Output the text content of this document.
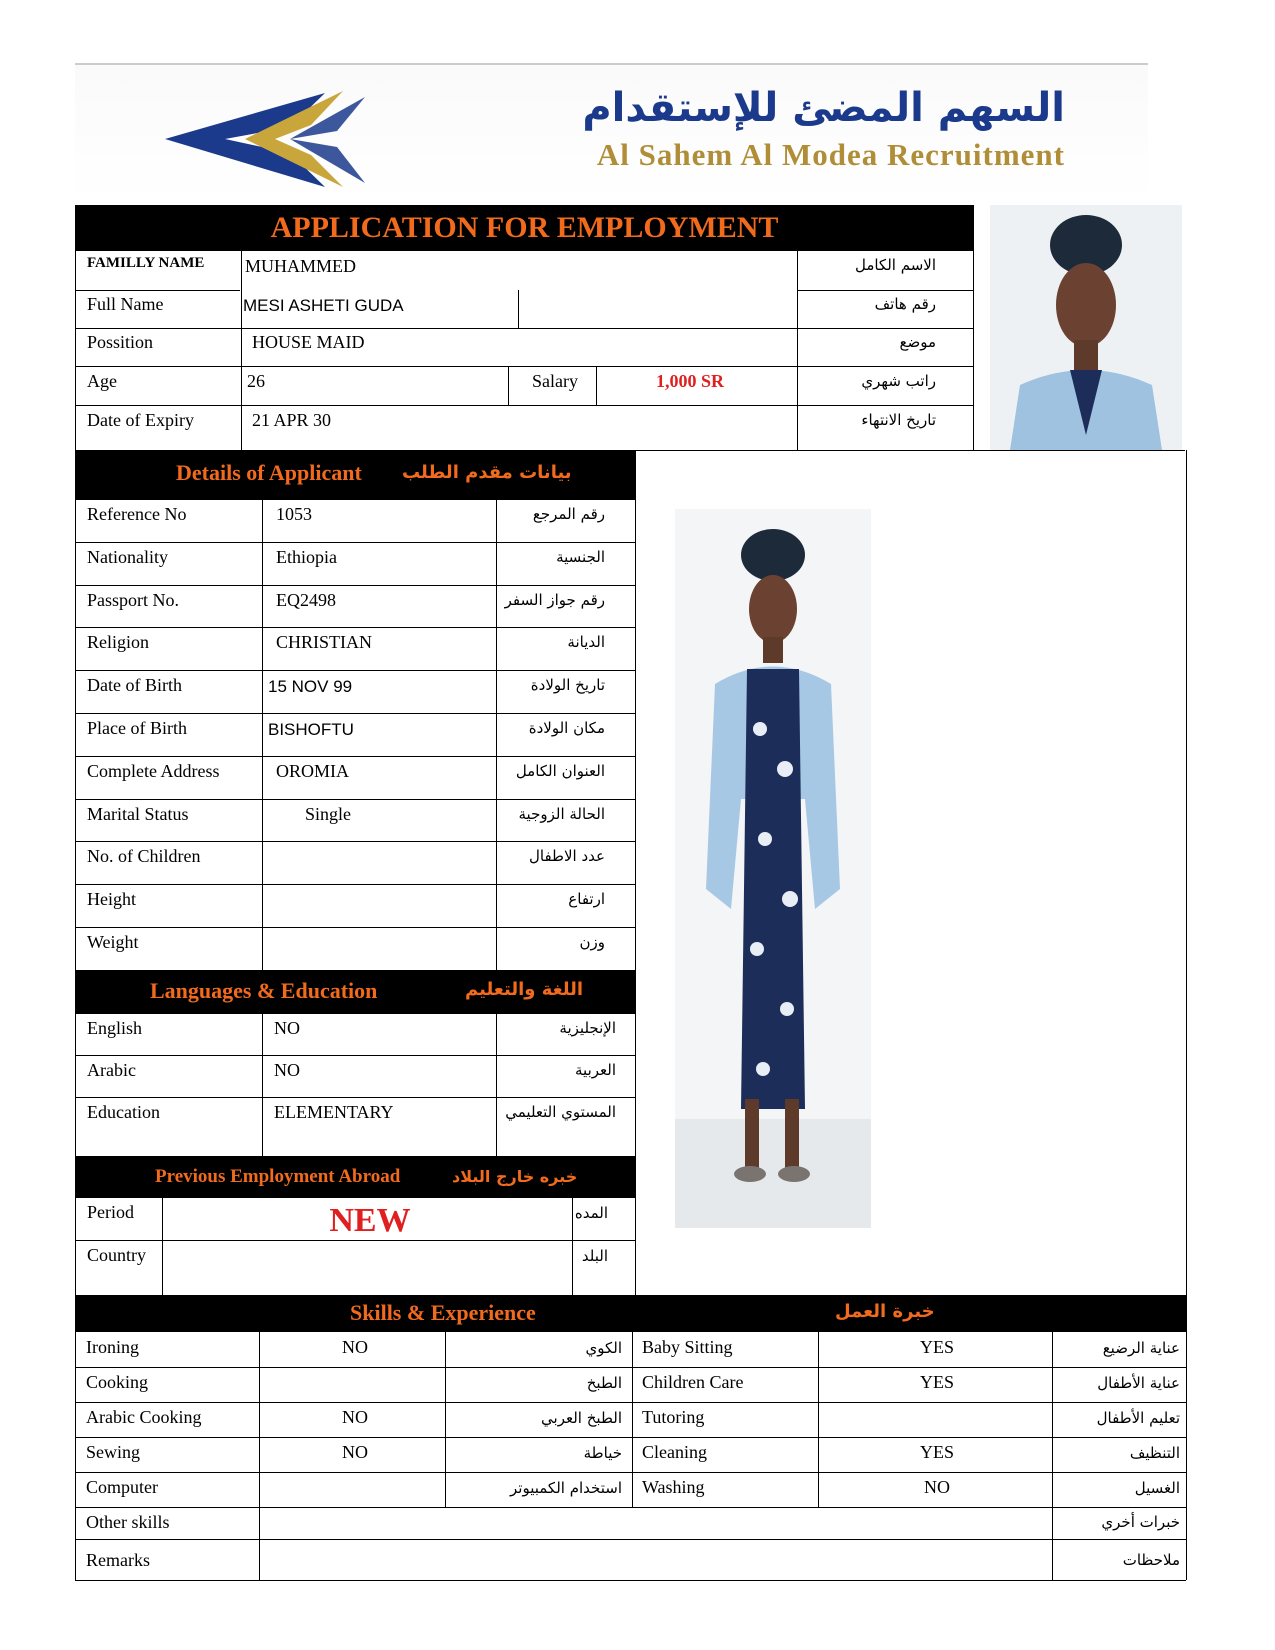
السهم المضئ للإستقدام
Al Sahem Al Modea Recruitment
APPLICATION FOR EMPLOYMENT
FAMILLY NAME MUHAMMED	الاسم الكامل
Full Name	MESI ASHETI GUDA	رقم هاتف
Possition	HOUSE MAID	موضع
Age	26	Salary	1,000 SR	راتب شهري
Date of Expiry	21 APR 30	تاريخ الانتهاء
Details of Applicant بيانات مقدم الطلب
Reference No	1053	رقم المرجع
Nationality	Ethiopia	الجنسية
Passport No.	EQ2498	رقم جواز السفر
Religion	CHRISTIAN	الديانة
Date of Birth	15 NOV 99	تاريخ الولادة
Place of Birth	BISHOFTU	مكان الولادة
Complete Address	OROMIA	العنوان الكامل
Marital Status	Single	الحالة الزوجية
No. of Children	عدد الاطفال
Height	ارتفاع
Weight	وزن
Languages & Education	اللغة والتعليم
English	NO	الإنجليزية
Arabic	NO	العربية
Education	ELEMENTARY	المستوي التعليمي
Previous Employment Abroad	خبره خارج البلاد
Period	NEW	المده
Country	البلد
Skills & Experience	خبرة العمل
Ironing	NO	الكوي Baby Sitting	YES	عناية الرضيع
Cooking	الطبخ Children Care	YES	عناية الأطفال
Arabic Cooking	NO	الطبخ العربي Tutoring	تعليم الأطفال
Sewing	NO	خياطة Cleaning	YES	التنظيف
Computer	استخدام الكمبيوتر Washing	NO	الغسيل
Other skills	خبرات أخري
Remarks	ملاحظات
